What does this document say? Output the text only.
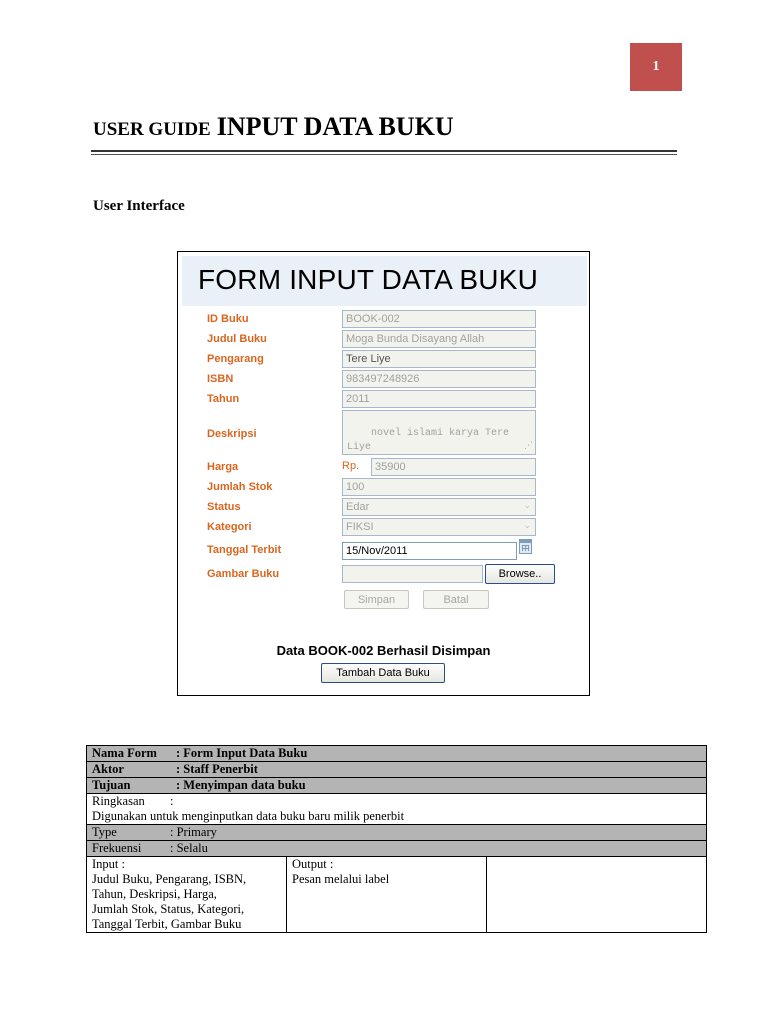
1
USER GUIDE INPUT DATA BUKU
User Interface
FORM INPUT DATA BUKU
ID Buku	BOOK-002
Judul Buku	Moga Bunda Disayang Allah
Pengarang	Tere Liye
ISBN	983497248926
Tahun	2011
Deskripsi	novel islami karya Tere Liye
	⋰

Harga	Rp.	35900
Jumlah Stok	100
Status	Edar	⌄
Kategori	FIKSI	⌄
Tanggal Terbit	15/Nov/2011
Gambar Buku	Browse..
Simpan	Batal
Data BOOK-002 Berhasil Disimpan
Tambah Data Buku
Nama Form : Form Input Data Buku
Aktor	: Staff Penerbit
Tujuan	: Menyimpan data buku
Ringkasan :
Digunakan untuk menginputkan data buku baru milik penerbit
Type	: Primary
Frekuensi : Selalu

Input :
Judul Buku, Pengarang, ISBN,
Tahun, Deskripsi, Harga,
Jumlah Stok, Status, Kategori,
Tanggal Terbit, Gambar Buku

Output :
Pesan melalui label
